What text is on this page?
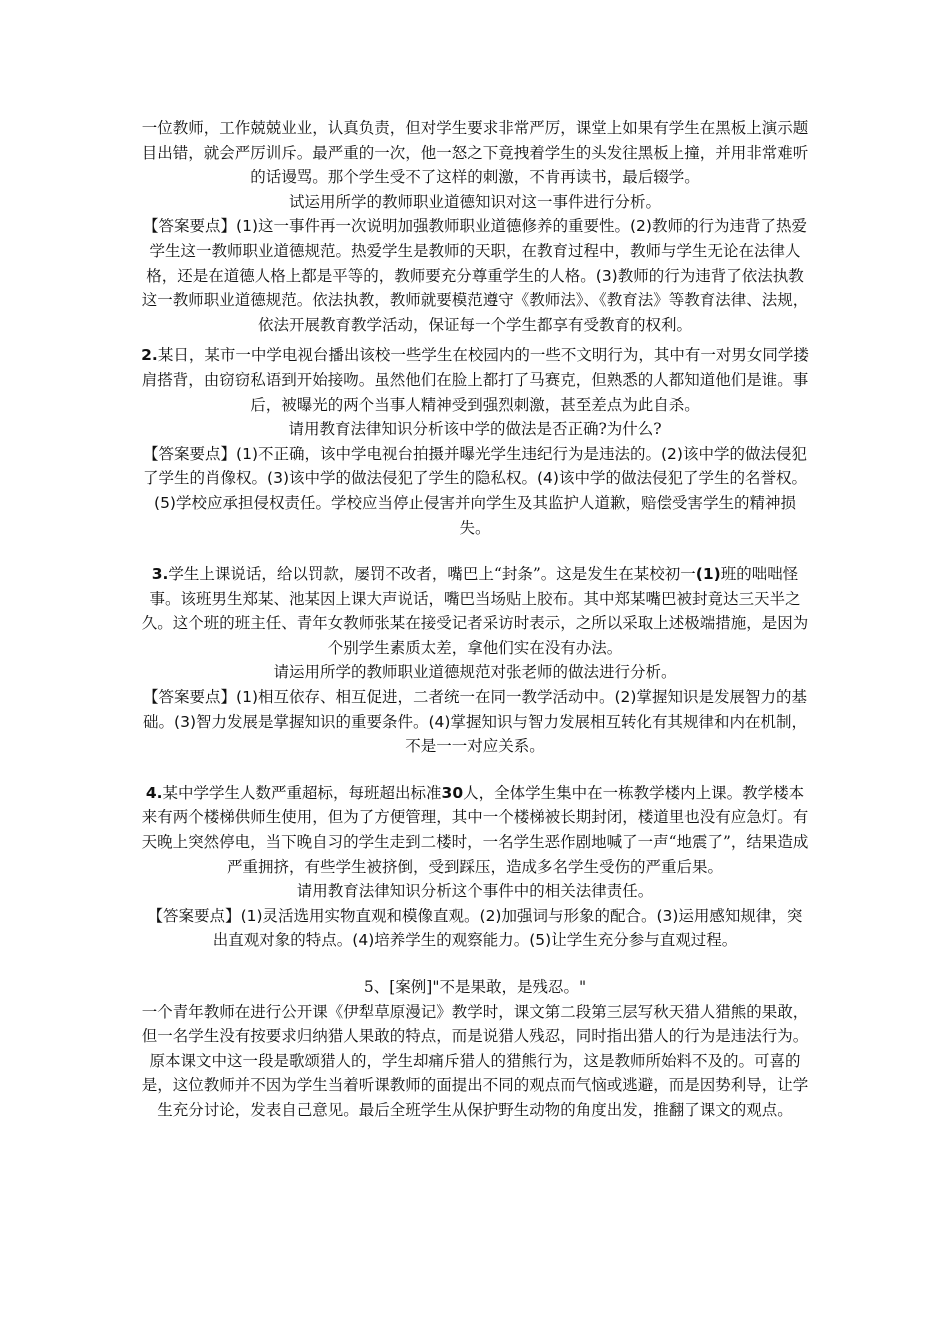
一位教师，工作兢兢业业，认真负责，但对学生要求非常严厉，课堂上如果有学生在黑板上演示题目出错，就会严厉训斥。最严重的一次，他一怒之下竟拽着学生的头发往黑板上撞，并用非常难听的话谩骂。那个学生受不了这样的刺激，不肯再读书，最后辍学。

试运用所学的教师职业道德知识对这一事件进行分析。

【答案要点】(1)这一事件再一次说明加强教师职业道德修养的重要性。(2)教师的行为违背了热爱学生这一教师职业道德规范。热爱学生是教师的天职，在教育过程中，教师与学生无论在法律人格，还是在道德人格上都是平等的，教师要充分尊重学生的人格。(3)教师的行为违背了依法执教这一教师职业道德规范。依法执教，教师就要模范遵守《教师法》、《教育法》等教育法律、法规，依法开展教育教学活动，保证每一个学生都享有受教育的权利。

2.某日，某市一中学电视台播出该校一些学生在校园内的一些不文明行为，其中有一对男女同学搂肩搭背，由窃窃私语到开始接吻。虽然他们在脸上都打了马赛克，但熟悉的人都知道他们是谁。事后，被曝光的两个当事人精神受到强烈刺激，甚至差点为此自杀。

请用教育法律知识分析该中学的做法是否正确?为什么?

【答案要点】(1)不正确，该中学电视台拍摄并曝光学生违纪行为是违法的。(2)该中学的做法侵犯了学生的肖像权。(3)该中学的做法侵犯了学生的隐私权。(4)该中学的做法侵犯了学生的名誉权。(5)学校应承担侵权责任。学校应当停止侵害并向学生及其监护人道歉，赔偿受害学生的精神损失。

3.学生上课说话，给以罚款，屡罚不改者，嘴巴上“封条”。这是发生在某校初一(1)班的咄咄怪事。该班男生郑某、池某因上课大声说话，嘴巴当场贴上胶布。其中郑某嘴巴被封竟达三天半之久。这个班的班主任、青年女教师张某在接受记者采访时表示，之所以采取上述极端措施，是因为个别学生素质太差，拿他们实在没有办法。

请运用所学的教师职业道德规范对张老师的做法进行分析。

【答案要点】(1)相互依存、相互促进，二者统一在同一教学活动中。(2)掌握知识是发展智力的基础。(3)智力发展是掌握知识的重要条件。(4)掌握知识与智力发展相互转化有其规律和内在机制，不是一一对应关系。

4.某中学学生人数严重超标，每班超出标准30人，全体学生集中在一栋教学楼内上课。教学楼本来有两个楼梯供师生使用，但为了方便管理，其中一个楼梯被长期封闭，楼道里也没有应急灯。有天晚上突然停电，当下晚自习的学生走到二楼时，一名学生恶作剧地喊了一声“地震了”，结果造成严重拥挤，有些学生被挤倒，受到踩压，造成多名学生受伤的严重后果。

请用教育法律知识分析这个事件中的相关法律责任。

【答案要点】(1)灵活选用实物直观和模像直观。(2)加强词与形象的配合。(3)运用感知规律，突出直观对象的特点。(4)培养学生的观察能力。(5)让学生充分参与直观过程。

5、[案例]"不是果敢，是残忍。"

一个青年教师在进行公开课《伊犁草原漫记》教学时，课文第二段第三层写秋天猎人猎熊的果敢，但一名学生没有按要求归纳猎人果敢的特点，而是说猎人残忍，同时指出猎人的行为是违法行为。原本课文中这一段是歌颂猎人的，学生却痛斥猎人的猎熊行为，这是教师所始料不及的。可喜的是，这位教师并不因为学生当着听课教师的面提出不同的观点而气恼或逃避，而是因势利导，让学生充分讨论，发表自己意见。最后全班学生从保护野生动物的角度出发，推翻了课文的观点。
